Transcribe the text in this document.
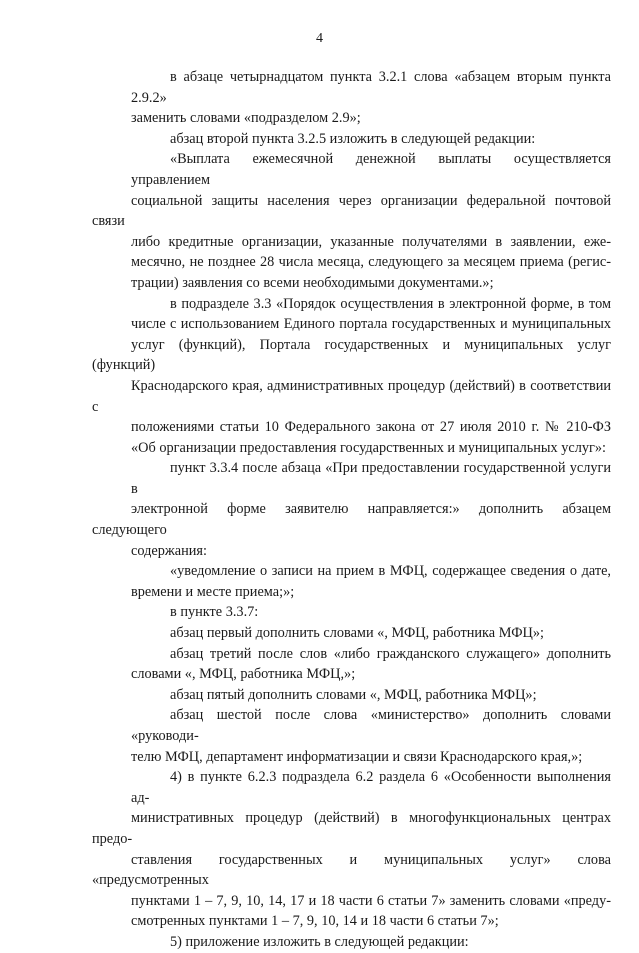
4
в абзаце четырнадцатом пункта 3.2.1 слова «абзацем вторым пункта 2.9.2»
заменить словами «подразделом 2.9»;
абзац второй пункта 3.2.5 изложить в следующей редакции:
«Выплата ежемесячной денежной выплаты осуществляется управлением
социальной защиты населения через организации федеральной почтовой связи
либо кредитные организации, указанные получателями в заявлении, еже-
месячно, не позднее 28 числа месяца, следующего за месяцем приема (регис-
трации) заявления со всеми необходимыми документами.»;
в подразделе 3.3 «Порядок осуществления в электронной форме, в том
числе с использованием Единого портала государственных и муниципальных
услуг (функций), Портала государственных и муниципальных услуг (функций)
Краснодарского края, административных процедур (действий) в соответствии с
положениями статьи 10 Федерального закона от 27 июля 2010 г. № 210-ФЗ
«Об организации предоставления государственных и муниципальных услуг»:
пункт 3.3.4 после абзаца «При предоставлении государственной услуги в
электронной форме заявителю направляется:» дополнить абзацем следующего
содержания:
«уведомление о записи на прием в МФЦ, содержащее сведения о дате,
времени и месте приема;»;
в пункте 3.3.7:
абзац первый дополнить словами «, МФЦ, работника МФЦ»;
абзац третий после слов «либо гражданского служащего» дополнить
словами «, МФЦ, работника МФЦ,»;
абзац пятый дополнить словами «, МФЦ, работника МФЦ»;
абзац шестой после слова «министерство» дополнить словами «руководи-
телю МФЦ, департамент информатизации и связи Краснодарского края,»;
4) в пункте 6.2.3 подраздела 6.2 раздела 6 «Особенности выполнения ад-
министративных процедур (действий) в многофункциональных центрах предо-
ставления государственных и муниципальных услуг» слова «предусмотренных
пунктами 1 – 7, 9, 10, 14, 17 и 18 части 6 статьи 7» заменить словами «преду-
смотренных пунктами 1 – 7, 9, 10, 14 и 18 части 6 статьи 7»;
5) приложение изложить в следующей редакции:
